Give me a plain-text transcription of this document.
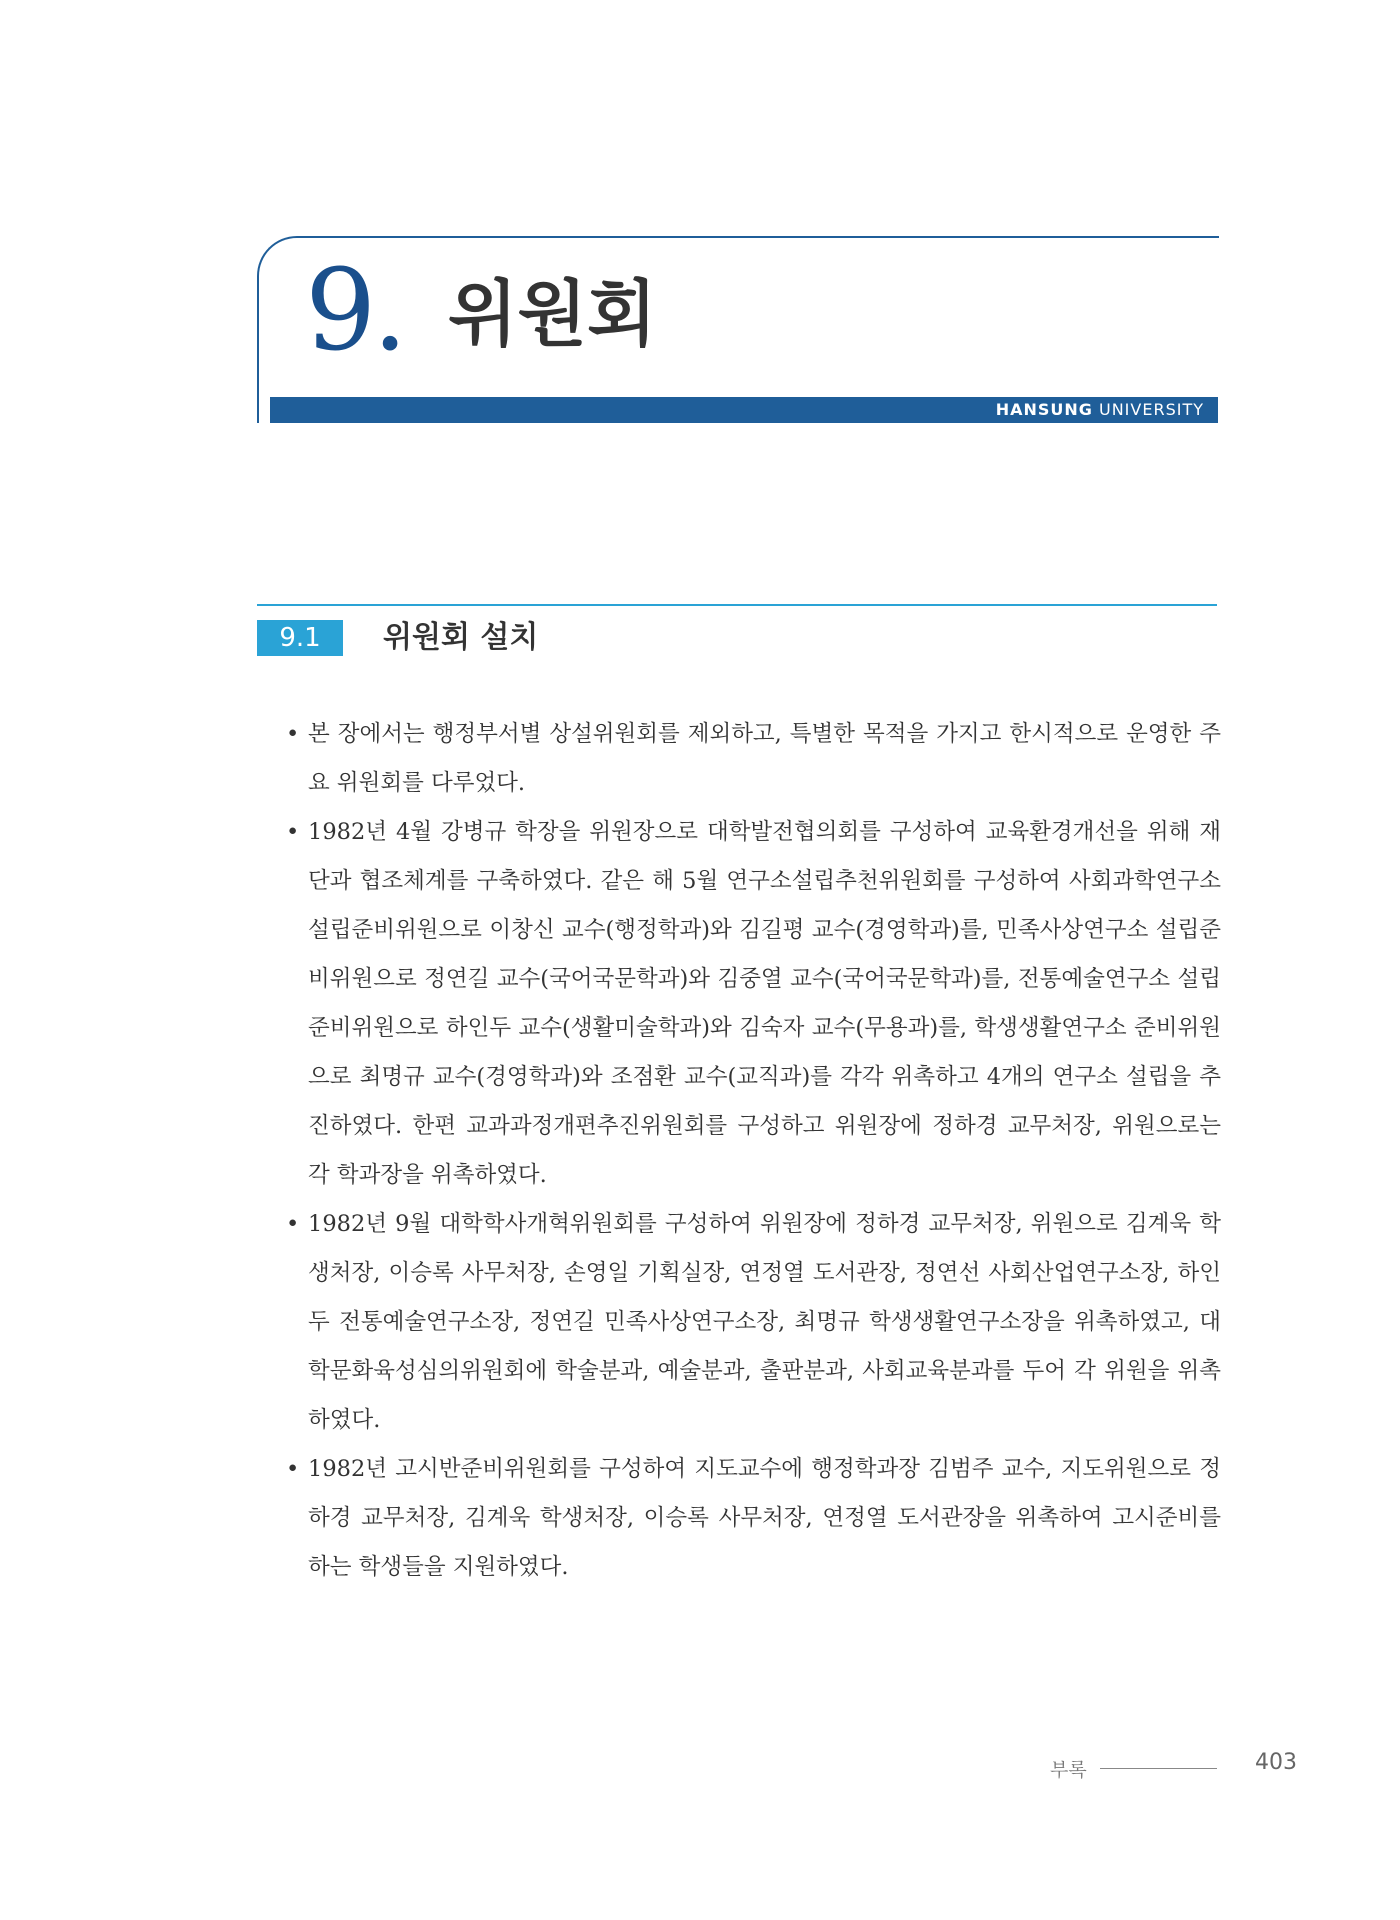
9. 위원회
HANSUNG UNIVERSITY
9.1	위원회 설치
• 본 장에서는 행정부서별 상설위원회를 제외하고, 특별한 목적을 가지고 한시적으로 운영한 주요 위원회를 다루었다.
• 1982년 4월 강병규 학장을 위원장으로 대학발전협의회를 구성하여 교육환경개선을 위해 재단과 협조체계를 구축하였다. 같은 해 5월 연구소설립추천위원회를 구성하여 사회과학연구소 설립준비위원으로 이창신 교수(행정학과)와 김길평 교수(경영학과)를, 민족사상연구소 설립준비위원으로 정연길 교수(국어국문학과)와 김중열 교수(국어국문학과)를, 전통예술연구소 설립준비위원으로 하인두 교수(생활미술학과)와 김숙자 교수(무용과)를, 학생생활연구소 준비위원으로 최명규 교수(경영학과)와 조점환 교수(교직과)를 각각 위촉하고 4개의 연구소 설립을 추진하였다. 한편 교과과정개편추진위원회를 구성하고 위원장에 정하경 교무처장, 위원으로는 각 학과장을 위촉하였다.
• 1982년 9월 대학학사개혁위원회를 구성하여 위원장에 정하경 교무처장, 위원으로 김계욱 학생처장, 이승록 사무처장, 손영일 기획실장, 연정열 도서관장, 정연선 사회산업연구소장, 하인두 전통예술연구소장, 정연길 민족사상연구소장, 최명규 학생생활연구소장을 위촉하였고, 대학문화육성심의위원회에 학술분과, 예술분과, 출판분과, 사회교육분과를 두어 각 위원을 위촉하였다.
• 1982년 고시반준비위원회를 구성하여 지도교수에 행정학과장 김범주 교수, 지도위원으로 정하경 교무처장, 김계욱 학생처장, 이승록 사무처장, 연정열 도서관장을 위촉하여 고시준비를 하는 학생들을 지원하였다.
부록	403
